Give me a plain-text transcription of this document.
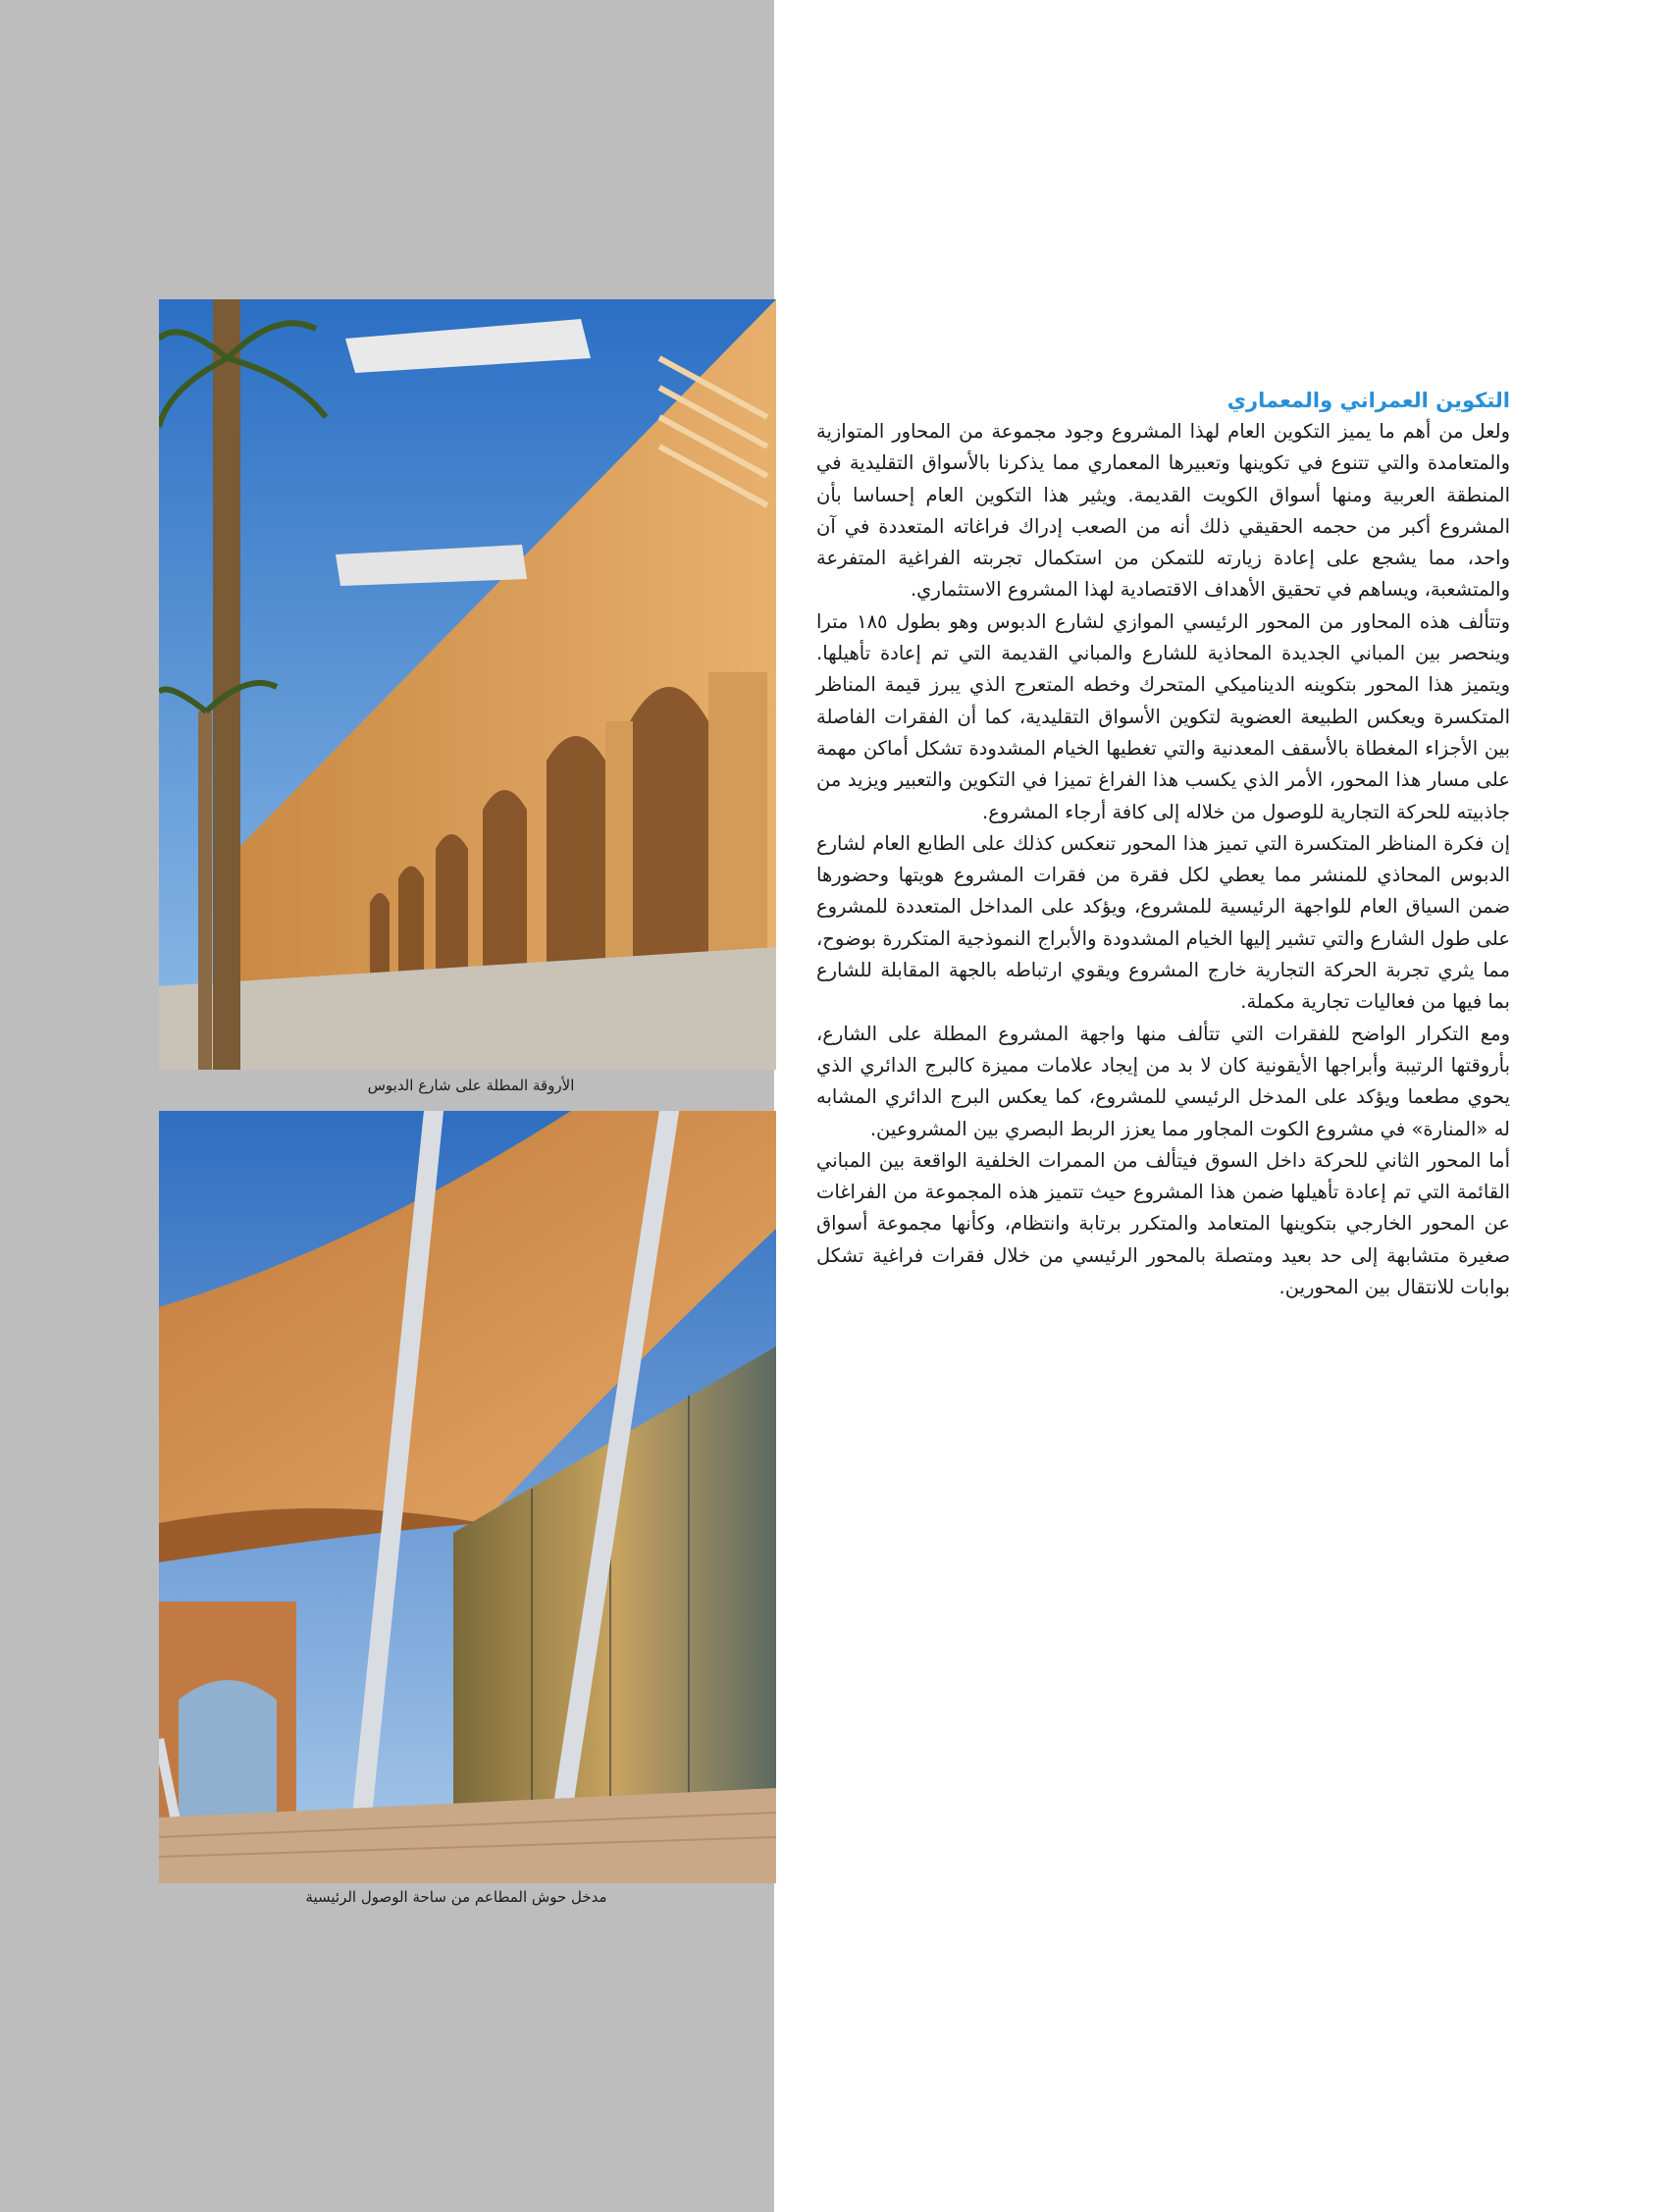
الأروقة المطلة على شارع الدبوس
مدخل حوش المطاعم من ساحة الوصول الرئيسية
التكوين العمراني والمعماري

ولعل من أهم ما يميز التكوين العام لهذا المشروع وجود مجموعة من المحاور المتوازية والمتعامدة والتي تتنوع في تكوينها وتعبيرها المعماري مما يذكرنا بالأسواق التقليدية في المنطقة العربية ومنها أسواق الكويت القديمة. ويثير هذا التكوين العام إحساسا بأن المشروع أكبر من حجمه الحقيقي ذلك أنه من الصعب إدراك فراغاته المتعددة في آن واحد، مما يشجع على إعادة زيارته للتمكن من استكمال تجربته الفراغية المتفرعة والمتشعبة، ويساهم في تحقيق الأهداف الاقتصادية لهذا المشروع الاستثماري.

وتتألف هذه المحاور من المحور الرئيسي الموازي لشارع الدبوس وهو بطول ١٨٥ مترا وينحصر بين المباني الجديدة المحاذية للشارع والمباني القديمة التي تم إعادة تأهيلها. ويتميز هذا المحور بتكوينه الديناميكي المتحرك وخطه المتعرج الذي يبرز قيمة المناظر المتكسرة ويعكس الطبيعة العضوية لتكوين الأسواق التقليدية، كما أن الفقرات الفاصلة بين الأجزاء المغطاة بالأسقف المعدنية والتي تغطيها الخيام المشدودة تشكل أماكن مهمة على مسار هذا المحور، الأمر الذي يكسب هذا الفراغ تميزا في التكوين والتعبير ويزيد من جاذبيته للحركة التجارية للوصول من خلاله إلى كافة أرجاء المشروع.

إن فكرة المناظر المتكسرة التي تميز هذا المحور تنعكس كذلك على الطابع العام لشارع الدبوس المحاذي للمنشر مما يعطي لكل فقرة من فقرات المشروع هويتها وحضورها ضمن السياق العام للواجهة الرئيسية للمشروع، ويؤكد على المداخل المتعددة للمشروع على طول الشارع والتي تشير إليها الخيام المشدودة والأبراج النموذجية المتكررة بوضوح، مما يثري تجربة الحركة التجارية خارج المشروع ويقوي ارتباطه بالجهة المقابلة للشارع بما فيها من فعاليات تجارية مكملة.

ومع التكرار الواضح للفقرات التي تتألف منها واجهة المشروع المطلة على الشارع، بأروقتها الرتيبة وأبراجها الأيقونية كان لا بد من إيجاد علامات مميزة كالبرج الدائري الذي يحوي مطعما ويؤكد على المدخل الرئيسي للمشروع، كما يعكس البرج الدائري المشابه له «المنارة» في مشروع الكوت المجاور مما يعزز الربط البصري بين المشروعين.

أما المحور الثاني للحركة داخل السوق فيتألف من الممرات الخلفية الواقعة بين المباني القائمة التي تم إعادة تأهيلها ضمن هذا المشروع حيث تتميز هذه المجموعة من الفراغات عن المحور الخارجي بتكوينها المتعامد والمتكرر برتابة وانتظام، وكأنها مجموعة أسواق صغيرة متشابهة إلى حد بعيد ومتصلة بالمحور الرئيسي من خلال فقرات فراغية تشكل بوابات للانتقال بين المحورين.
